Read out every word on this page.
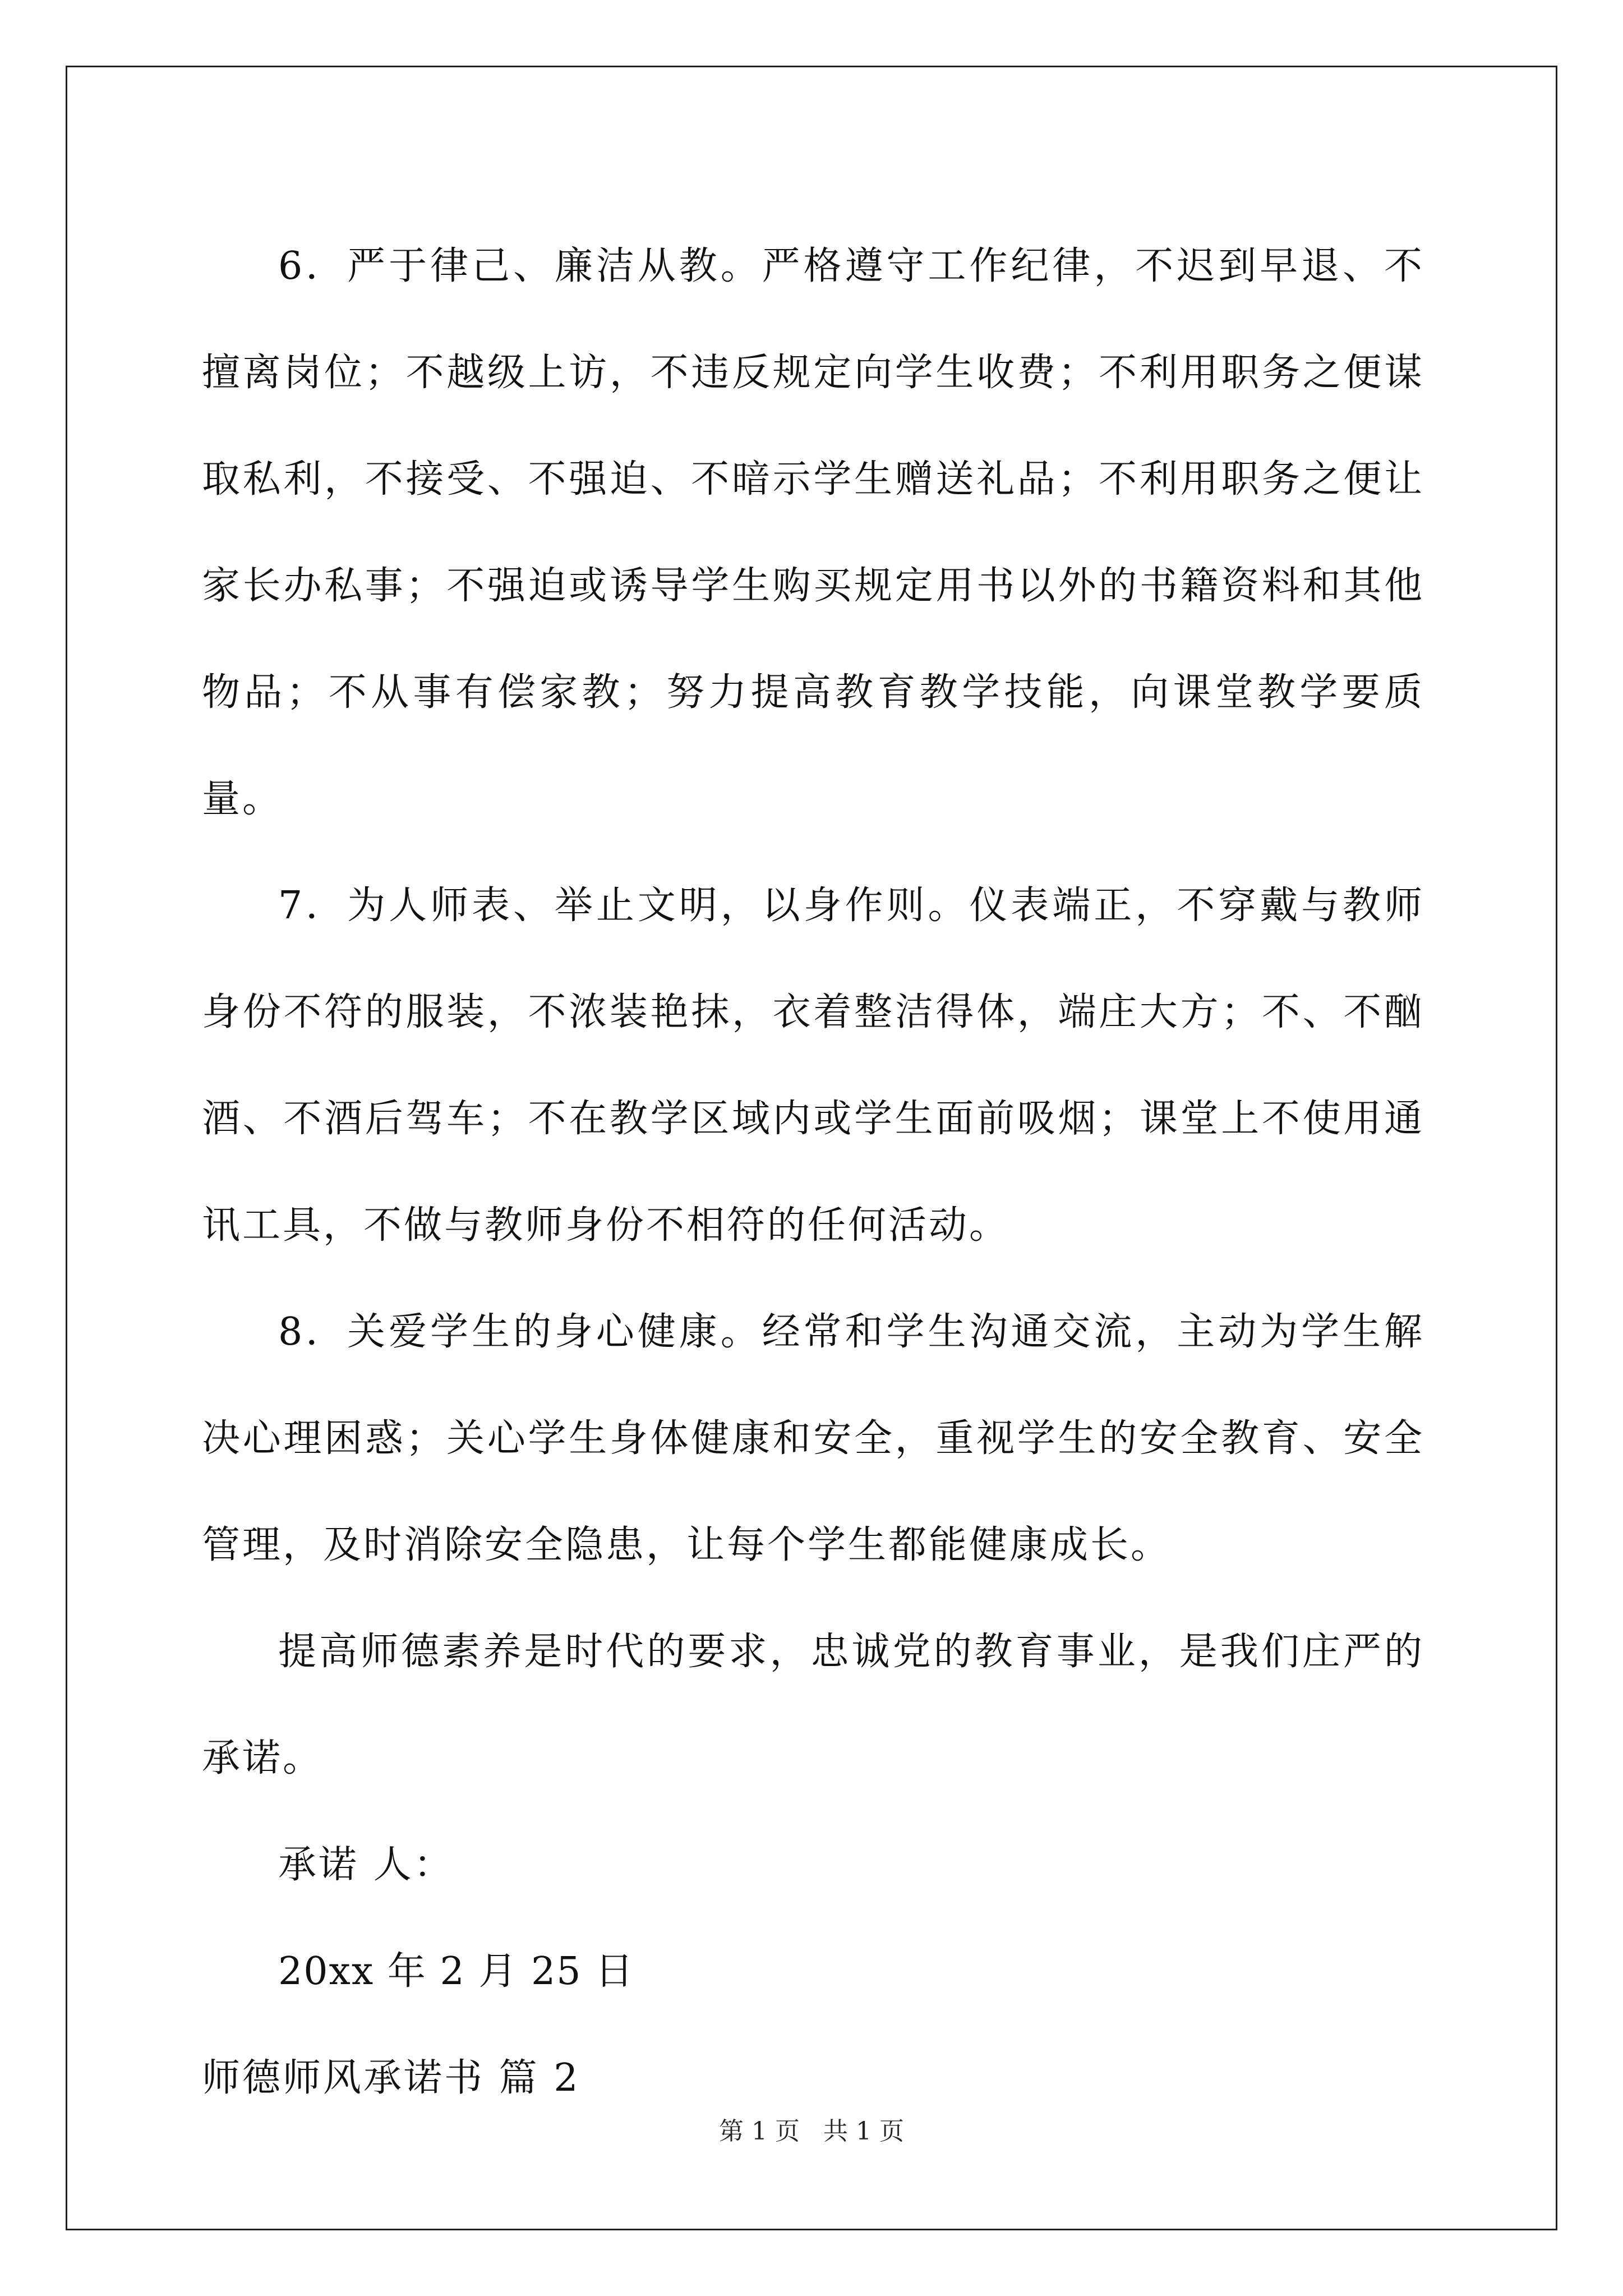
6．严于律己、廉洁从教。严格遵守工作纪律，不迟到早退、不擅离岗位；不越级上访，不违反规定向学生收费；不利用职务之便谋取私利，不接受、不强迫、不暗示学生赠送礼品；不利用职务之便让家长办私事；不强迫或诱导学生购买规定用书以外的书籍资料和其他物品；不从事有偿家教；努力提高教育教学技能，向课堂教学要质量。

7．为人师表、举止文明，以身作则。仪表端正，不穿戴与教师身份不符的服装，不浓装艳抹，衣着整洁得体，端庄大方；不、不酗酒、不酒后驾车；不在教学区域内或学生面前吸烟；课堂上不使用通讯工具，不做与教师身份不相符的任何活动。

8．关爱学生的身心健康。经常和学生沟通交流，主动为学生解决心理困惑；关心学生身体健康和安全，重视学生的安全教育、安全管理，及时消除安全隐患，让每个学生都能健康成长。

提高师德素养是时代的要求，忠诚党的教育事业，是我们庄严的承诺。

承诺 人：

20xx 年 2 月 25 日

师德师风承诺书 篇 2

第 1 页   共 1 页
